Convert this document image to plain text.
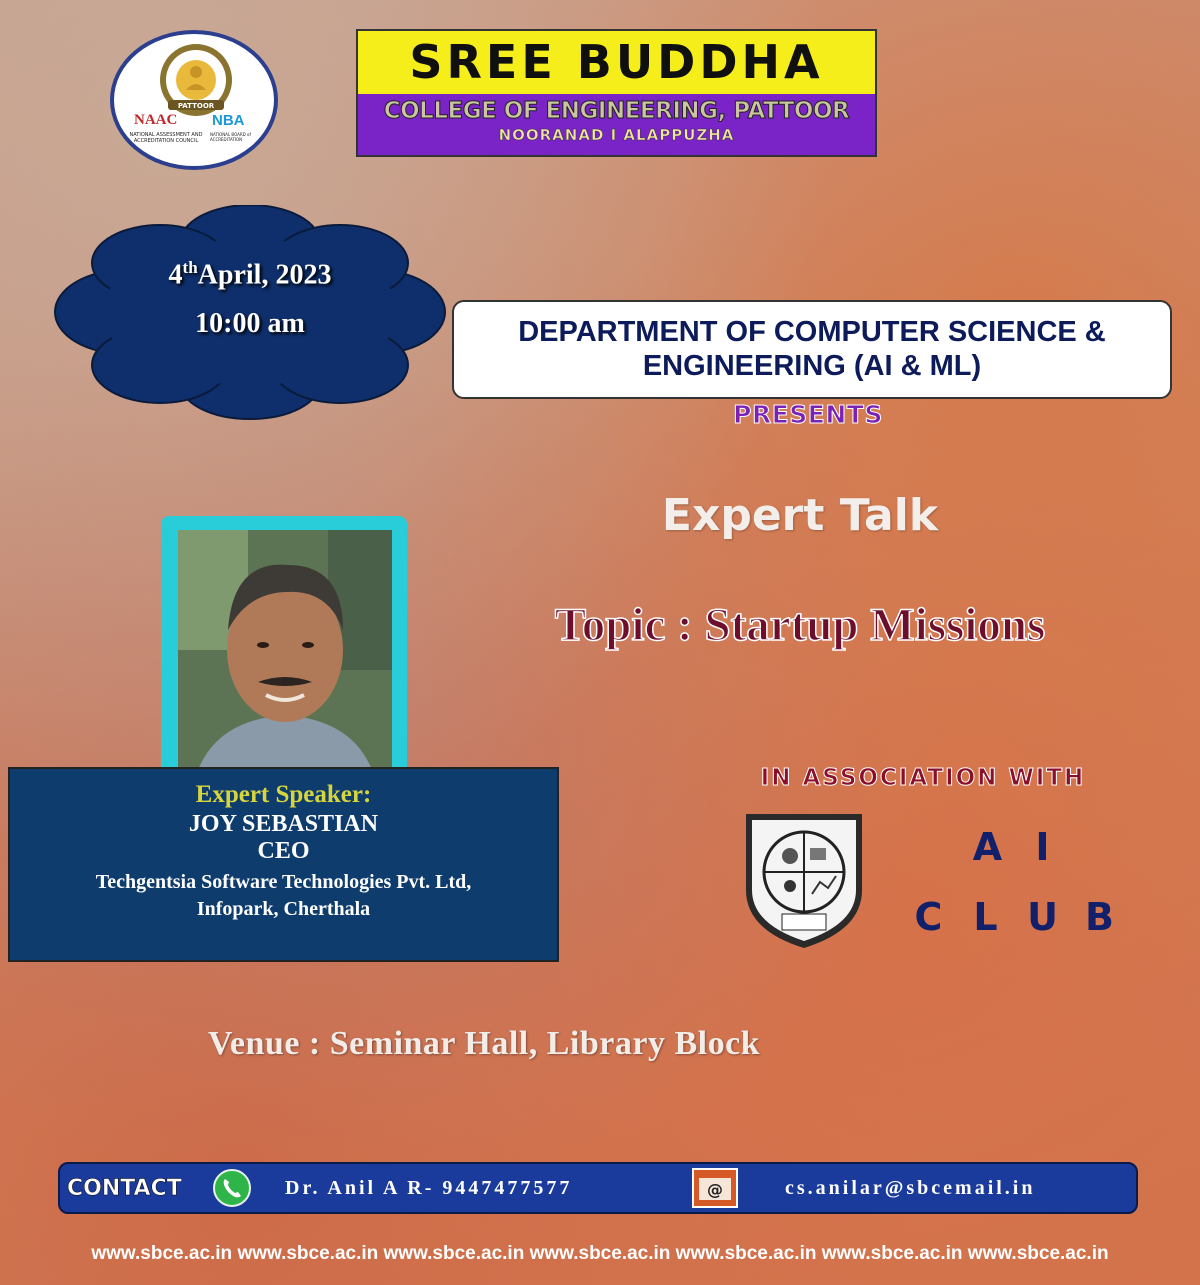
PATTOOR
NAAC
NATIONAL ASSESSMENT AND ACCREDITATION COUNCIL
NBA
NATIONAL BOARD of ACCREDITATION
SREE BUDDHA
COLLEGE OF ENGINEERING, PATTOOR
NOORANAD I ALAPPUZHA
4thApril, 2023
10:00 am	DEPARTMENT OF COMPUTER SCIENCE &
ENGINEERING (AI & ML)
PRESENTS
Expert Talk
Topic : Startup Missions
Expert Speaker:
JOY SEBASTIAN
CEO
Techgentsia Software Technologies Pvt. Ltd,
Infopark, Cherthala
IN ASSOCIATION WITH
A I
C L U B
Venue : Seminar Hall, Library Block
CONTACT	Dr. Anil A R- 9447477577	@	cs.anilar@sbcemail.in
www.sbce.ac.in www.sbce.ac.in www.sbce.ac.in www.sbce.ac.in www.sbce.ac.in www.sbce.ac.in www.sbce.ac.in
